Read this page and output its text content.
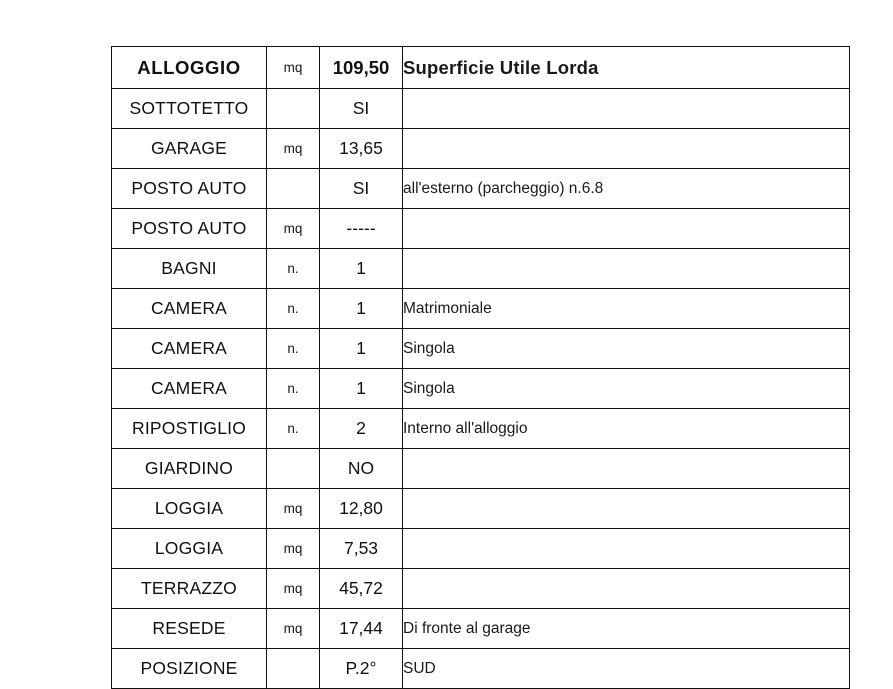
ALLOGGIO	mq	109,50	Superficie Utile Lorda
SOTTOTETTO		SI	
GARAGE	mq	13,65	
POSTO AUTO		SI	all'esterno (parcheggio) n.6.8
POSTO AUTO	mq	-----	
BAGNI	n.	1	
CAMERA	n.	1	Matrimoniale
CAMERA	n.	1	Singola
CAMERA	n.	1	Singola
RIPOSTIGLIO	n.	2	Interno all'alloggio
GIARDINO		NO	
LOGGIA	mq	12,80	
LOGGIA	mq	7,53	
TERRAZZO	mq	45,72	
RESEDE	mq	17,44	Di fronte al garage
POSIZIONE		P.2°	SUD
